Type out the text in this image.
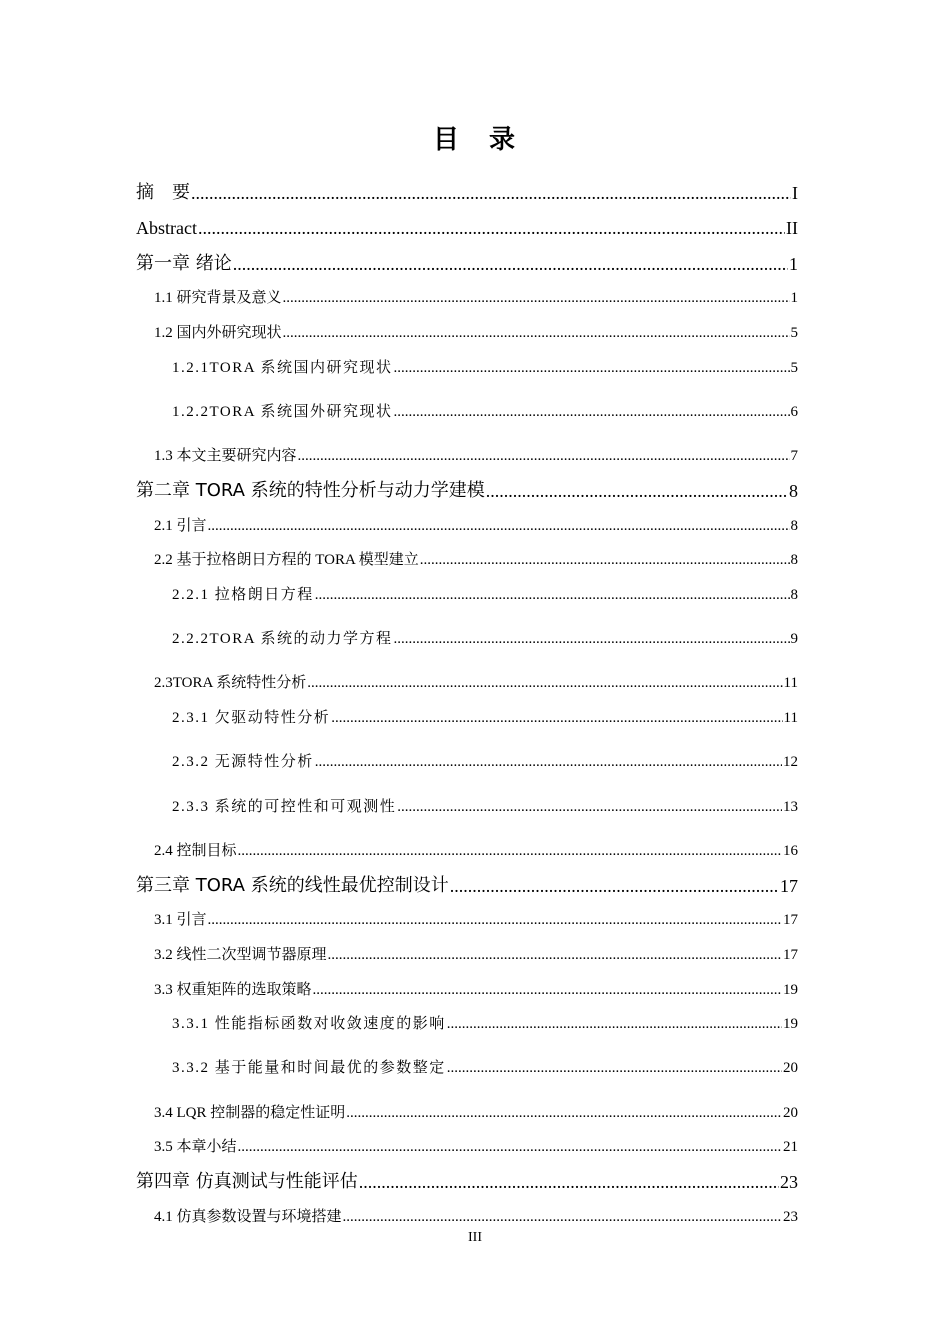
目　录
摘　要 .....	I
Abstract .....	II
第一章 绪论 .....	1
1.1 研究背景及意义 .....	1
1.2 国内外研究现状 .....	5
1.2.1TORA 系统国内研究现状 .....	5
1.2.2TORA 系统国外研究现状 .....	6
1.3 本文主要研究内容 .....	7
第二章 TORA 系统的特性分析与动力学建模 .....	8
2.1 引言 .....	8
2.2 基于拉格朗日方程的 TORA 模型建立 .....	8
2.2.1 拉格朗日方程 .....	8
2.2.2TORA 系统的动力学方程 .....	9
2.3TORA 系统特性分析 .....	11
2.3.1 欠驱动特性分析 .....	11
2.3.2 无源特性分析 .....	12
2.3.3 系统的可控性和可观测性 .....	13
2.4 控制目标 .....	16
第三章 TORA 系统的线性最优控制设计 .....	17
3.1 引言 .....	17
3.2 线性二次型调节器原理 .....	17
3.3 权重矩阵的选取策略 .....	19
3.3.1 性能指标函数对收敛速度的影响 .....	19
3.3.2 基于能量和时间最优的参数整定 .....	20
3.4 LQR 控制器的稳定性证明 .....	20
3.5 本章小结 .....	21
第四章 仿真测试与性能评估 .....	23
4.1 仿真参数设置与环境搭建 .....	23
III
